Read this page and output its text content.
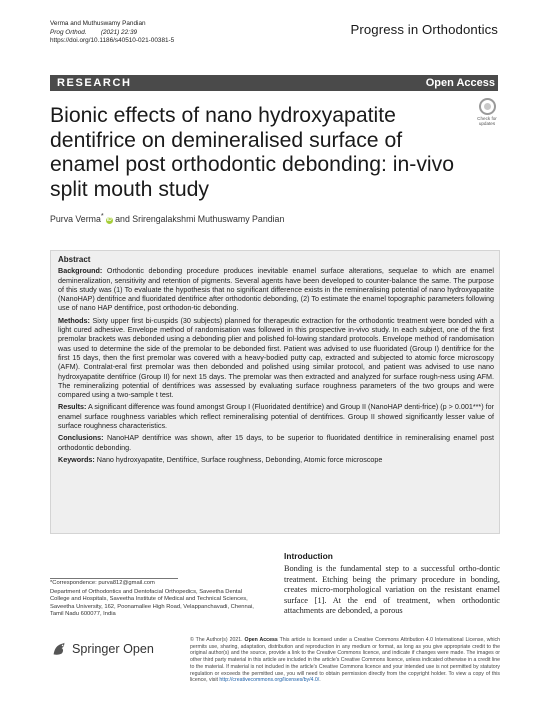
Verma and Muthuswamy Pandian
Prog Orthod. (2021) 22:39
https://doi.org/10.1186/s40510-021-00381-5
Progress in Orthodontics
RESEARCH	Open Access
Check for
updates
Bionic effects of nano hydroxyapatite dentifrice on demineralised surface of enamel post orthodontic debonding: in-vivo split mouth study
Purva Verma* iD and Srirengalakshmi Muthuswamy Pandian
Abstract

Background: Orthodontic debonding procedure produces inevitable enamel surface alterations, sequelae to which are enamel demineralization, sensitivity and retention of pigments. Several agents have been developed to counter-balance the same. The purpose of this study was (1) To evaluate the hypothesis that no significant difference exists in the remineralising potential of nano hydroxyapatite (NanoHAP) dentifrice and fluoridated dentifrice after orthodontic debonding, (2) To estimate the enamel topographic parameters following use of nano HAP dentifrice, post orthodon-tic debonding.

Methods: Sixty upper first bi-cuspids (30 subjects) planned for therapeutic extraction for the orthodontic treatment were bonded with a light cured adhesive. Envelope method of randomisation was followed in this prospective in-vivo study. In each subject, one of the first premolar brackets was debonded using a debonding plier and polished fol-lowing standard protocols. Envelope method of randomisation was used to determine the side of the premolar to be debonded first. Patient was advised to use fluoridated (Group I) dentifrice for the first 15 days, then the first premolar was covered with a heavy-bodied putty cap, extracted and subjected to atomic force microscopy (AFM). Contralat-eral first premolar was then debonded and polished using similar protocol, and patient was advised to use nano hydroxyapatite dentifrice (Group II) for next 15 days. The premolar was then extracted and analyzed for surface rough-ness using AFM. The remineralizing potential of dentifrices was assessed by evaluating surface roughness parameters of the two groups and were compared using a two-sample t test.

Results: A significant difference was found amongst Group I (Fluoridated dentifrice) and Group II (NanoHAP denti-frice) (p > 0.001***) for enamel surface roughness variables which reflect remineralising potential of dentifrices. Group II showed significantly lesser value of surface roughness characteristics.

Conclusions: NanoHAP dentifrice was shown, after 15 days, to be superior to fluoridated dentifrice in remineralising enamel post orthodontic debonding.

Keywords: Nano hydroxyapatite, Dentifrice, Surface roughness, Debonding, Atomic force microscope

*Correspondence: purva812@gmail.com

Department of Orthodontics and Dentofacial Orthopedics, Saveetha Dental College and Hospitals, Saveetha Institute of Medical and Technical Sciences, Saveetha University, 162, Poonamallee High Road, Velappanchavadi, Chennai, Tamil Nadu 600077, India

Introduction

Bonding is the fundamental step to a successful ortho-dontic treatment. Etching being the primary procedure in bonding, creates micro-morphological variation on the resistant enamel surface [1]. At the end of treatment, when orthodontic attachments are debonded, a porous

Springer Open
© The Author(s) 2021. Open Access This article is licensed under a Creative Commons Attribution 4.0 International License, which permits use, sharing, adaptation, distribution and reproduction in any medium or format, as long as you give appropriate credit to the original author(s) and the source, provide a link to the Creative Commons licence, and indicate if changes were made. The images or other third party material in this article are included in the article's Creative Commons licence, unless indicated otherwise in a credit line to the material. If material is not included in the article's Creative Commons licence and your intended use is not permitted by statutory regulation or exceeds the permitted use, you will need to obtain permission directly from the copyright holder. To view a copy of this licence, visit http://creativecommons.org/licenses/by/4.0/.
